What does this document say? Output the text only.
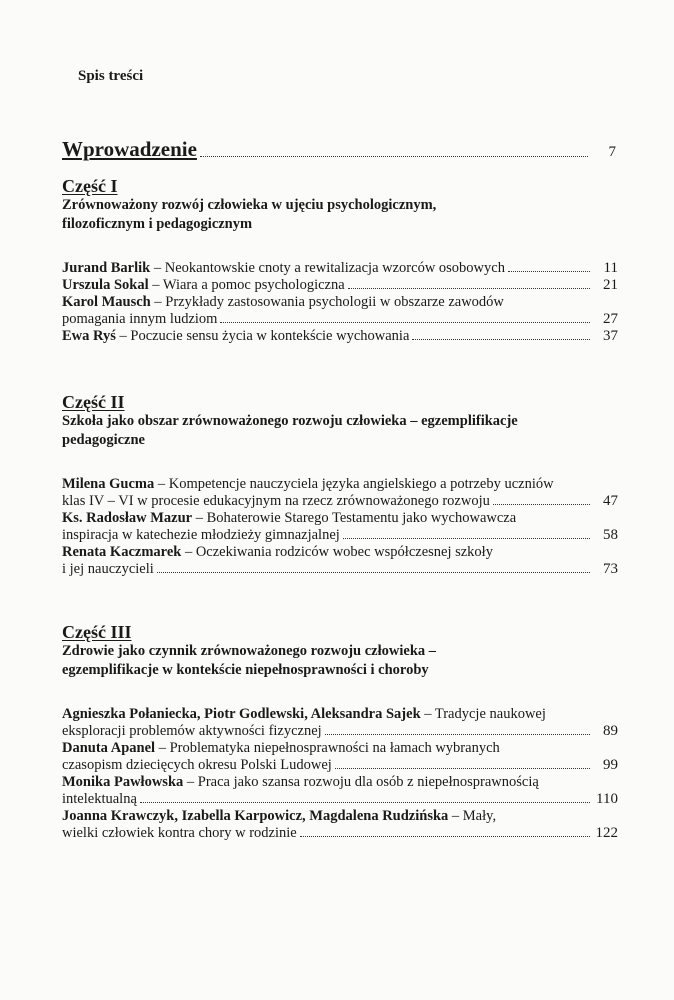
Spis treści
Wprowadzenie	7
Część I
Zrównoważony rozwój człowieka w ujęciu psychologicznym,
filozoficznym i pedagogicznym
Jurand Barlik – Neokantowskie cnoty a rewitalizacja wzorców osobowych	11
Urszula Sokal – Wiara a pomoc psychologiczna	21
Karol Mausch – Przykłady zastosowania psychologii w obszarze zawodów
pomagania innym ludziom	27
Ewa Ryś – Poczucie sensu życia w kontekście wychowania	37
Część II
Szkoła jako obszar zrównoważonego rozwoju człowieka – egzemplifikacje
pedagogiczne
Milena Gucma – Kompetencje nauczyciela języka angielskiego a potrzeby uczniów
klas IV – VI w procesie edukacyjnym na rzecz zrównoważonego rozwoju	47
Ks. Radosław Mazur – Bohaterowie Starego Testamentu jako wychowawcza
inspiracja w katechezie młodzieży gimnazjalnej	58
Renata Kaczmarek – Oczekiwania rodziców wobec współczesnej szkoły
i jej nauczycieli	73
Część III
Zdrowie jako czynnik zrównoważonego rozwoju człowieka –
egzemplifikacje w kontekście niepełnosprawności i choroby
Agnieszka Połaniecka, Piotr Godlewski, Aleksandra Sajek – Tradycje naukowej
eksploracji problemów aktywności fizycznej	89
Danuta Apanel – Problematyka niepełnosprawności na łamach wybranych
czasopism dziecięcych okresu Polski Ludowej	99
Monika Pawłowska – Praca jako szansa rozwoju dla osób z niepełnosprawnością
intelektualną	110
Joanna Krawczyk, Izabella Karpowicz, Magdalena Rudzińska – Mały,
wielki człowiek kontra chory w rodzinie	122
